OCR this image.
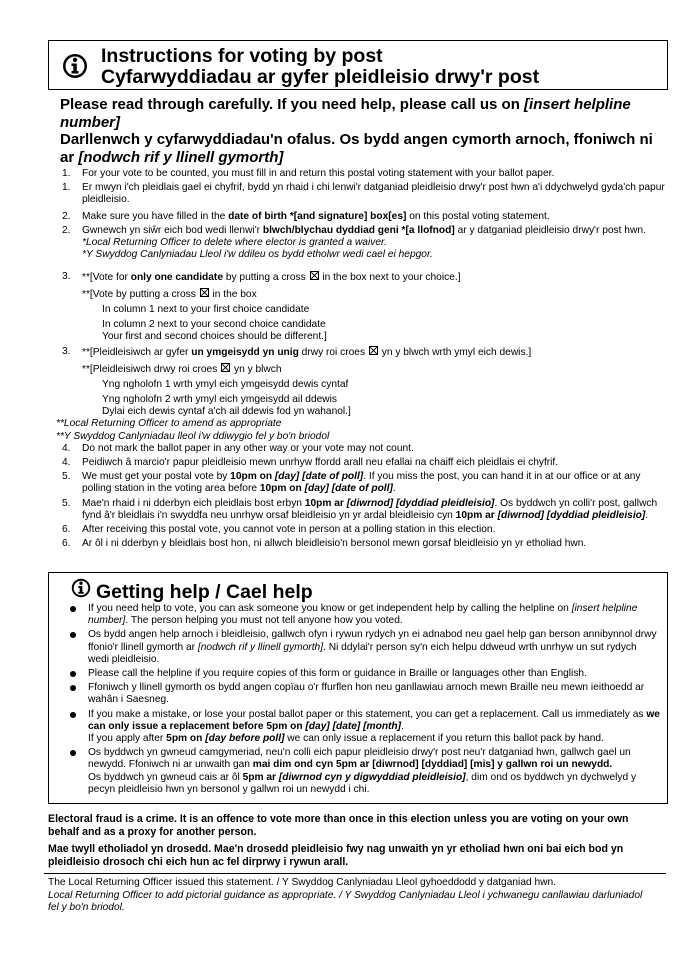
Instructions for voting by post
Cyfarwyddiadau ar gyfer pleidleisio drwy'r post
Please read through carefully. If you need help, please call us on [insert helpline number]
Darllenwch y cyfarwyddiadau'n ofalus. Os bydd angen cymorth arnoch, ffoniwch ni ar [nodwch rif y llinell gymorth]
1. For your vote to be counted, you must fill in and return this postal voting statement with your ballot paper.
1. Er mwyn i'ch pleidlais gael ei chyfrif, bydd yn rhaid i chi lenwi'r datganiad pleidleisio drwy'r post hwn a'i ddychwelyd gyda'ch papur pleidleisio.
2. Make sure you have filled in the date of birth *[and signature] box[es] on this postal voting statement.
2. Gwnewch yn siŵr eich bod wedi llenwi'r blwch/blychau dyddiad geni *[a llofnod] ar y datganiad pleidleisio drwy'r post hwn.
*Local Returning Officer to delete where elector is granted a waiver.
*Y Swyddog Canlyniadau Lleol i'w ddileu os bydd etholwr wedi cael ei hepgor.
3. **[Vote for only one candidate by putting a cross ☒ in the box next to your choice.]
**[Vote by putting a cross ☒ in the box
In column 1 next to your first choice candidate
In column 2 next to your second choice candidate
Your first and second choices should be different.]
3. **[Pleidleisiwch ar gyfer un ymgeisydd yn unig drwy roi croes ☒ yn y blwch wrth ymyl eich dewis.]
**[Pleidleisiwch drwy roi croes ☒ yn y blwch
Yng ngholofn 1 wrth ymyl eich ymgeisydd dewis cyntaf
Yng ngholofn 2 wrth ymyl eich ymgeisydd ail ddewis
Dylai eich dewis cyntaf a'ch ail ddewis fod yn wahanol.]
**Local Returning Officer to amend as appropriate
**Y Swyddog Canlyniadau lleol i'w ddiwygio fel y bo'n briodol
4. Do not mark the ballot paper in any other way or your vote may not count.
4. Peidiwch â marcio'r papur pleidleisio mewn unrhyw ffordd arall neu efallai na chaiff eich pleidlais ei chyfrif.
5. We must get your postal vote by 10pm on [day] [date of poll]. If you miss the post, you can hand it in at our office or at any polling station in the voting area before 10pm on [day] [date of poll].
5. Mae'n rhaid i ni dderbyn eich pleidlais bost erbyn 10pm ar [diwrnod] [dyddiad pleidleisio]. Os byddwch yn colli'r post, gallwch fynd â'r bleidlais i'n swyddfa neu unrhyw orsaf bleidleisio yn yr ardal bleidleisio cyn 10pm ar [diwrnod] [dyddiad pleidleisio].
6. After receiving this postal vote, you cannot vote in person at a polling station in this election.
6. Ar ôl i ni dderbyn y bleidlais bost hon, ni allwch bleidleisio'n bersonol mewn gorsaf bleidleisio yn yr etholiad hwn.
Getting help / Cael help
If you need help to vote, you can ask someone you know or get independent help by calling the helpline on [insert helpline number]. The person helping you must not tell anyone how you voted.
Os bydd angen help arnoch i bleidleisio, gallwch ofyn i rywun rydych yn ei adnabod neu gael help gan berson annibynnol drwy ffonio'r llinell gymorth ar [nodwch rif y llinell gymorth]. Ni ddylai'r person sy'n eich helpu ddweud wrth unrhyw un sut rydych wedi pleidleisio.
Please call the helpline if you require copies of this form or guidance in Braille or languages other than English.
Ffoniwch y llinell gymorth os bydd angen copïau o'r ffurflen hon neu ganllawiau arnoch mewn Braille neu mewn ieithoedd ar wahân i Saesneg.
If you make a mistake, or lose your postal ballot paper or this statement, you can get a replacement. Call us immediately as we can only issue a replacement before 5pm on [day] [date] [month].
If you apply after 5pm on [day before poll] we can only issue a replacement if you return this ballot pack by hand.
Os byddwch yn gwneud camgymeriad, neu'n colli eich papur pleidleisio drwy'r post neu'r datganiad hwn, gallwch gael un newydd. Ffoniwch ni ar unwaith gan mai dim ond cyn 5pm ar [diwrnod] [dyddiad] [mis] y gallwn roi un newydd.
Os byddwch yn gwneud cais ar ôl 5pm ar [diwrnod cyn y digwyddiad pleidleisio], dim ond os byddwch yn dychwelyd y pecyn pleidleisio hwn yn bersonol y gallwn roi un newydd i chi.
Electoral fraud is a crime. It is an offence to vote more than once in this election unless you are voting on your own behalf and as a proxy for another person.
Mae twyll etholiadol yn drosedd. Mae'n drosedd pleidleisio fwy nag unwaith yn yr etholiad hwn oni bai eich bod yn pleidleisio drosoch chi eich hun ac fel dirprwy i rywun arall.
The Local Returning Officer issued this statement. / Y Swyddog Canlyniadau Lleol gyhoeddodd y datganiad hwn.
Local Returning Officer to add pictorial guidance as appropriate. / Y Swyddog Canlyniadau Lleol i ychwanegu canllawiau darluniadol fel y bo'n briodol.
